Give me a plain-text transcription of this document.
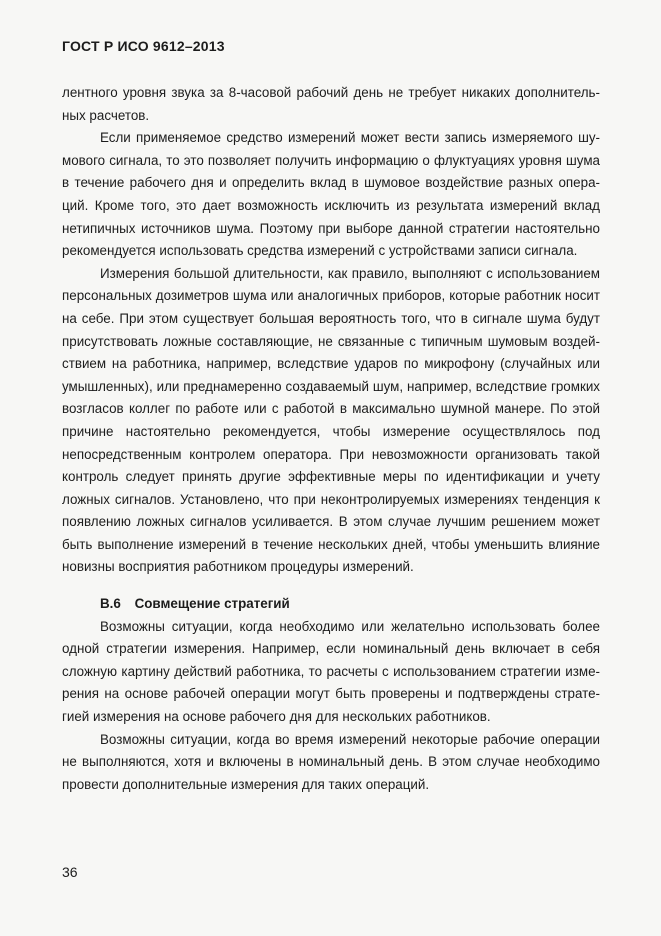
ГОСТ Р ИСО 9612–2013

лентного уровня звука за 8-часовой рабочий день не требует никаких дополнительных расчетов.

Если применяемое средство измерений может вести запись измеряемого шумового сигнала, то это позволяет получить информацию о флуктуациях уровня шума в течение рабочего дня и определить вклад в шумовое воздействие разных операций. Кроме того, это дает возможность исключить из результата измерений вклад нетипичных источников шума. Поэтому при выборе данной стратегии настоятельно рекомендуется использовать средства измерений с устройствами записи сигнала.

Измерения большой длительности, как правило, выполняют с использованием персональных дозиметров шума или аналогичных приборов, которые работник носит на себе. При этом существует большая вероятность того, что в сигнале шума будут присутствовать ложные составляющие, не связанные с типичным шумовым воздействием на работника, например, вследствие ударов по микрофону (случайных или умышленных), или преднамеренно создаваемый шум, например, вследствие громких возгласов коллег по работе или с работой в максимально шумной манере. По этой причине настоятельно рекомендуется, чтобы измерение осуществлялось под непосредственным контролем оператора. При невозможности организовать такой контроль следует принять другие эффективные меры по идентификации и учету ложных сигналов. Установлено, что при неконтролируемых измерениях тенденция к появлению ложных сигналов усиливается. В этом случае лучшим решением может быть выполнение измерений в течение нескольких дней, чтобы уменьшить влияние новизны восприятия работником процедуры измерений.

В.6 Совмещение стратегий

Возможны ситуации, когда необходимо или желательно использовать более одной стратегии измерения. Например, если номинальный день включает в себя сложную картину действий работника, то расчеты с использованием стратегии измерения на основе рабочей операции могут быть проверены и подтверждены стратегией измерения на основе рабочего дня для нескольких работников.

Возможны ситуации, когда во время измерений некоторые рабочие операции не выполняются, хотя и включены в номинальный день. В этом случае необходимо провести дополнительные измерения для таких операций.

36
